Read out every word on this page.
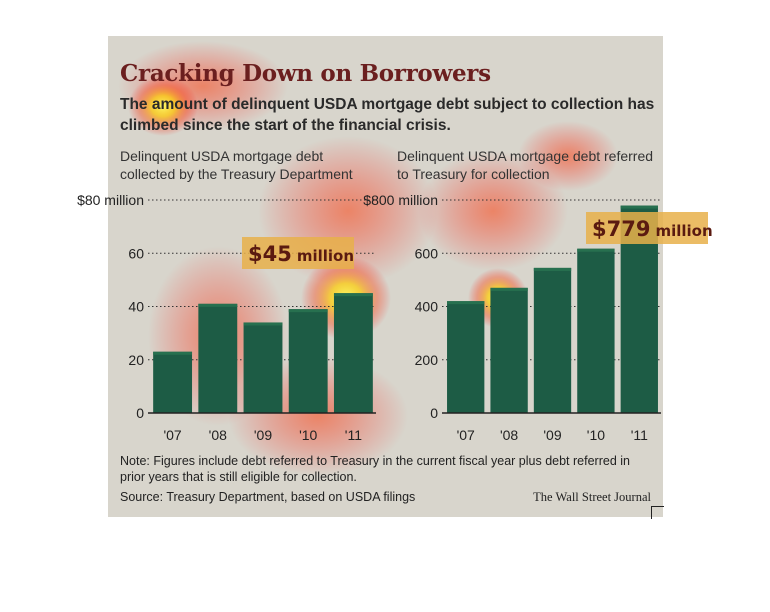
Cracking Down on Borrowers
The amount of delinquent USDA mortgage debt subject to collection has climbed since the start of the financial crisis.
Delinquent USDA mortgage debt collected by the Treasury Department
Delinquent USDA mortgage debt referred to Treasury for collection
0
20
40
60
$80 million
'07 '08 '09 '10 '11
$45 million
0
200
400
600
$800 million
'07 '08 '09 '10 '11
$779 million
Note: Figures include debt referred to Treasury in the current fiscal year plus debt referred in prior years that is still eligible for collection.
Source: Treasury Department, based on USDA filings	The Wall Street Journal
